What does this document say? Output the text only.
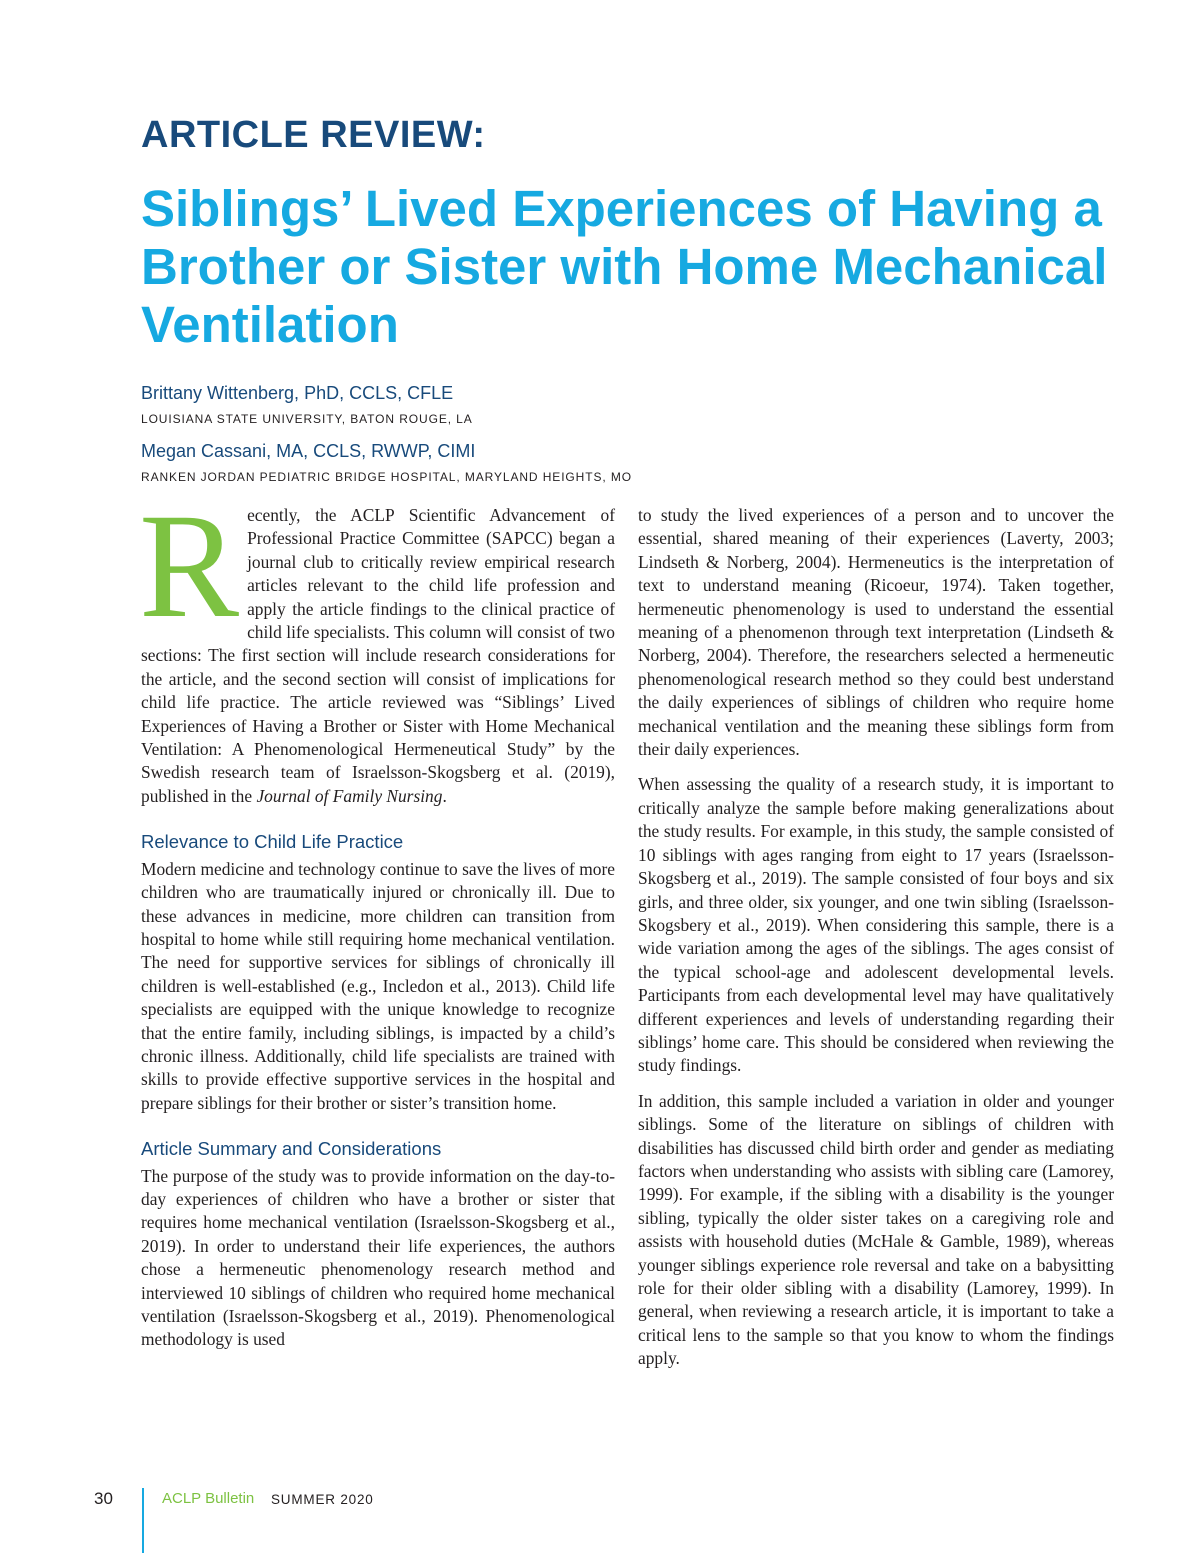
ARTICLE REVIEW:
Siblings’ Lived Experiences of Having a Brother or Sister with Home Mechanical Ventilation
Brittany Wittenberg, PhD, CCLS, CFLE
LOUISIANA STATE UNIVERSITY, BATON ROUGE, LA
Megan Cassani, MA, CCLS, RWWP, CIMI
RANKEN JORDAN PEDIATRIC BRIDGE HOSPITAL, MARYLAND HEIGHTS, MO

Recently, the ACLP Scientific Advancement of Professional Practice Committee (SAPCC) began a journal club to critically review empirical research articles relevant to the child life profession and apply the article findings to the clinical practice of child life specialists. This column will consist of two sections: The first section will include research considerations for the article, and the second section will consist of implications for child life practice. The article reviewed was “Siblings’ Lived Experiences of Having a Brother or Sister with Home Mechanical Ventilation: A Phenomenological Hermeneutical Study” by the Swedish research team of Israelsson-Skogsberg et al. (2019), published in the Journal of Family Nursing.

Relevance to Child Life Practice

Modern medicine and technology continue to save the lives of more children who are traumatically injured or chronically ill. Due to these advances in medicine, more children can transition from hospital to home while still requiring home mechanical ventilation. The need for supportive services for siblings of chronically ill children is well-established (e.g., Incledon et al., 2013). Child life specialists are equipped with the unique knowledge to recognize that the entire family, including siblings, is impacted by a child’s chronic illness. Additionally, child life specialists are trained with skills to provide effective supportive services in the hospital and prepare siblings for their brother or sister’s transition home.

Article Summary and Considerations

The purpose of the study was to provide information on the day-to-day experiences of children who have a brother or sister that requires home mechanical ventilation (Israelsson-Skogsberg et al., 2019). In order to understand their life experiences, the authors chose a hermeneutic phenomenology research method and interviewed 10 siblings of children who required home mechanical ventilation (Israelsson-Skogsberg et al., 2019). Phenomenological methodology is used

to study the lived experiences of a person and to uncover the essential, shared meaning of their experiences (Laverty, 2003; Lindseth & Norberg, 2004). Hermeneutics is the interpretation of text to understand meaning (Ricoeur, 1974). Taken together, hermeneutic phenomenology is used to understand the essential meaning of a phenomenon through text interpretation (Lindseth & Norberg, 2004). Therefore, the researchers selected a hermeneutic phenomenological research method so they could best understand the daily experiences of siblings of children who require home mechanical ventilation and the meaning these siblings form from their daily experiences.

When assessing the quality of a research study, it is important to critically analyze the sample before making generalizations about the study results. For example, in this study, the sample consisted of 10 siblings with ages ranging from eight to 17 years (Israelsson-Skogsberg et al., 2019). The sample consisted of four boys and six girls, and three older, six younger, and one twin sibling (Israelsson-Skogsbery et al., 2019). When considering this sample, there is a wide variation among the ages of the siblings. The ages consist of the typical school-age and adolescent developmental levels. Participants from each developmental level may have qualitatively different experiences and levels of understanding regarding their siblings’ home care. This should be considered when reviewing the study findings.

In addition, this sample included a variation in older and younger siblings. Some of the literature on siblings of children with disabilities has discussed child birth order and gender as mediating factors when understanding who assists with sibling care (Lamorey, 1999). For example, if the sibling with a disability is the younger sibling, typically the older sister takes on a caregiving role and assists with household duties (McHale & Gamble, 1989), whereas younger siblings experience role reversal and take on a babysitting role for their older sibling with a disability (Lamorey, 1999). In general, when reviewing a research article, it is important to take a critical lens to the sample so that you know to whom the findings apply.

30	ACLP Bulletin SUMMER 2020
